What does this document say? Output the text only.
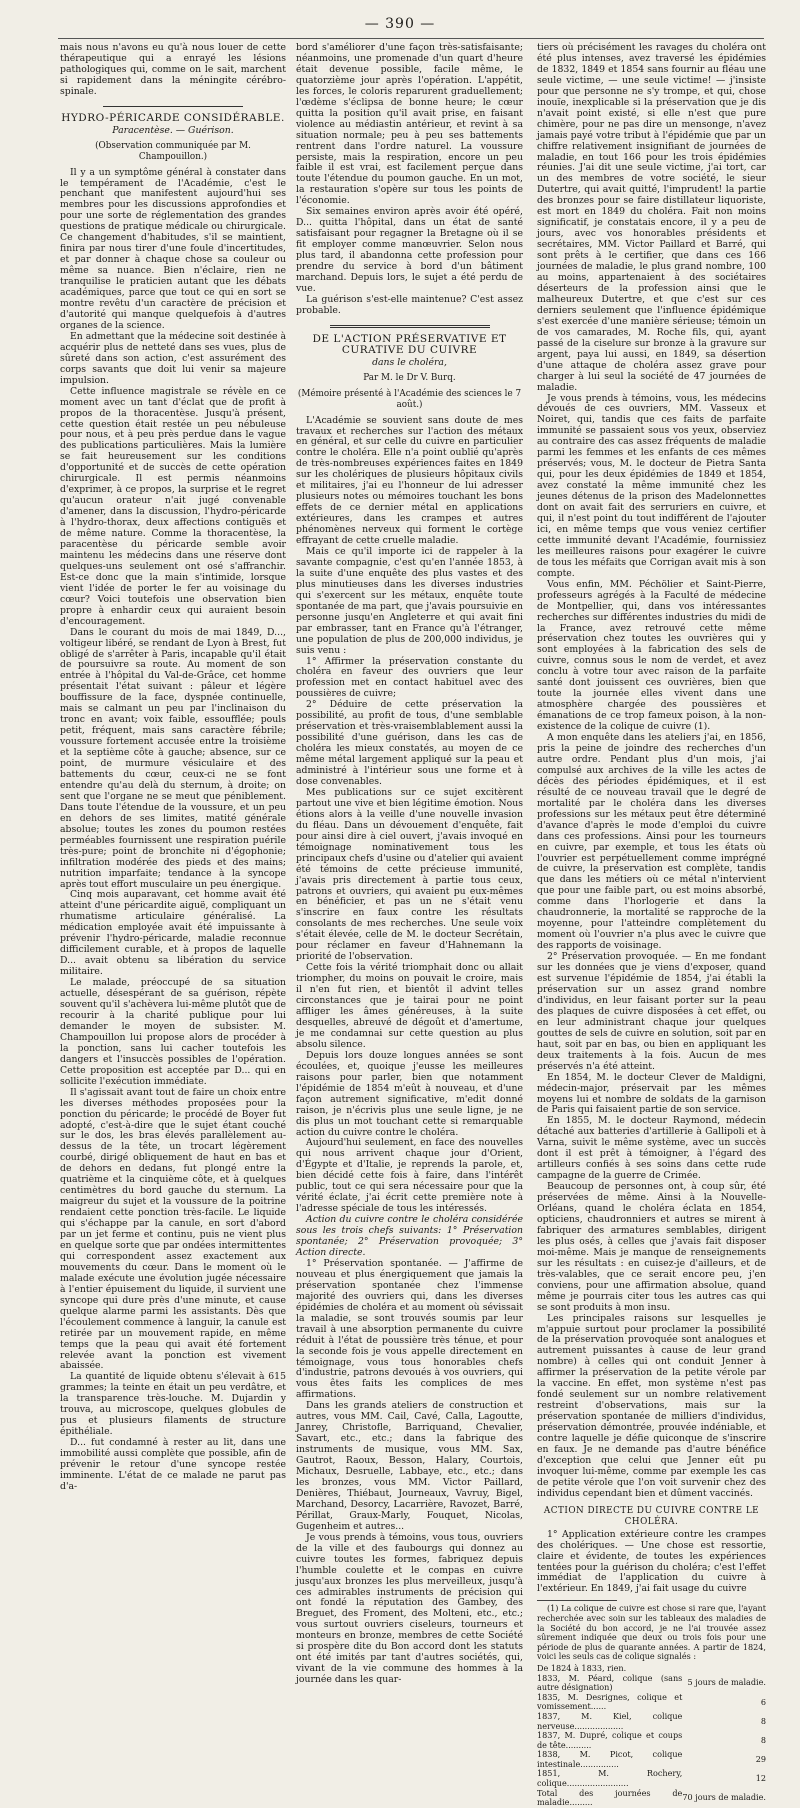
— 390 —

mais nous n'avons eu qu'à nous louer de cette thérapeutique qui a enrayé les lésions pathologiques qui, comme on le sait, marchent si rapidement dans la méningite cérébro-spinale.

HYDRO-PÉRICARDE CONSIDÉRABLE.
Paracentèse. — Guérison.
(Observation communiquée par M. Champouillon.)

Il y a un symptôme général à constater dans le tempérament de l'Académie, c'est le penchant que manifestent aujourd'hui ses membres pour les discussions approfondies et pour une sorte de réglementation des grandes questions de pratique médicale ou chirurgicale. Ce changement d'habitudes, s'il se maintient, finira par nous tirer d'une foule d'incertitudes, et par donner à chaque chose sa couleur ou même sa nuance. Bien n'éclaire, rien ne tranquilise le praticien autant que les débats académiques, parce que tout ce qui en sort se montre revêtu d'un caractère de précision et d'autorité qui manque quelquefois à d'autres organes de la science.

En admettant que la médecine soit destinée à acquérir plus de netteté dans ses vues, plus de sûreté dans son action, c'est assurément des corps savants que doit lui venir sa majeure impulsion.

Cette influence magistrale se révèle en ce moment avec un tant d'éclat que de profit à propos de la thoracentèse. Jusqu'à présent, cette question était restée un peu nébuleuse pour nous, et à peu près perdue dans le vague des publications particulières. Mais la lumière se fait heureusement sur les conditions d'opportunité et de succès de cette opération chirurgicale. Il est permis néanmoins d'exprimer, à ce propos, la surprise et le regret qu'aucun orateur n'ait jugé convenable d'amener, dans la discussion, l'hydro-péricarde à l'hydro-thorax, deux affections contiguës et de même nature. Comme la thoracentèse, la paracentèse du péricarde semble avoir maintenu les médecins dans une réserve dont quelques-uns seulement ont osé s'affranchir. Est-ce donc que la main s'intimide, lorsque vient l'idée de porter le fer au voisinage du cœur? Voici toutefois une observation bien propre à enhardir ceux qui auraient besoin d'encouragement.

Dans le courant du mois de mai 1849, D..., voltigeur libéré, se rendant de Lyon à Brest, fut obligé de s'arrêter à Paris, incapable qu'il était de poursuivre sa route. Au moment de son entrée à l'hôpital du Val-de-Grâce, cet homme présentait l'état suivant : pâleur et légère bouffissure de la face, dyspnée continuelle, mais se calmant un peu par l'inclinaison du tronc en avant; voix faible, essoufflée; pouls petit, fréquent, mais sans caractère fébrile; voussure fortement accusée entre la troisième et la septième côte à gauche; absence, sur ce point, de murmure vésiculaire et des battements du cœur, ceux-ci ne se font entendre qu'au delà du sternum, à droite; on sent que l'organe ne se meut que péniblement. Dans toute l'étendue de la voussure, et un peu en dehors de ses limites, matité générale absolue; toutes les zones du poumon restées perméables fournissent une respiration puérile très-pure; point de bronchite ni d'égophonie; infiltration modérée des pieds et des mains; nutrition imparfaite; tendance à la syncope après tout effort musculaire un peu énergique.

Cinq mois auparavant, cet homme avait été atteint d'une péricardite aiguë, compliquant un rhumatisme articulaire généralisé. La médication employée avait été impuissante à prévenir l'hydro-péricarde, maladie reconnue difficilement curable, et à propos de laquelle D... avait obtenu sa libération du service militaire.

Le malade, préoccupé de sa situation actuelle, désespérant de sa guérison, répète souvent qu'il s'achèvera lui-même plutôt que de recourir à la charité publique pour lui demander le moyen de subsister. M. Champouillon lui propose alors de procéder à la ponction, sans lui cacher toutefois les dangers et l'insuccès possibles de l'opération. Cette proposition est acceptée par D... qui en sollicite l'exécution immédiate.

Il s'agissait avant tout de faire un choix entre les diverses méthodes proposées pour la ponction du péricarde; le procédé de Boyer fut adopté, c'est-à-dire que le sujet étant couché sur le dos, les bras élevés parallèlement au-dessus de la tête, un trocart légèrement courbé, dirigé obliquement de haut en bas et de dehors en dedans, fut plongé entre la quatrième et la cinquième côte, et à quelques centimètres du bord gauche du sternum. La maigreur du sujet et la voussure de la poitrine rendaient cette ponction très-facile. Le liquide qui s'échappe par la canule, en sort d'abord par un jet ferme et continu, puis ne vient plus en quelque sorte que par ondées intermittentes qui correspondent assez exactement aux mouvements du cœur. Dans le moment où le malade exécute une évolution jugée nécessaire à l'entier épuisement du liquide, il survient une syncope qui dure près d'une minute, et cause quelque alarme parmi les assistants. Dès que l'écoulement commence à languir, la canule est retirée par un mouvement rapide, en même temps que la peau qui avait été fortement relevée avant la ponction est vivement abaissée.

La quantité de liquide obtenu s'élevait à 615 grammes; la teinte en était un peu verdâtre, et la transparence très-louche. M. Dujardin y trouva, au microscope, quelques globules de pus et plusieurs filaments de structure épithéliale.

D... fut condamné à rester au lit, dans une immobilité aussi complète que possible, afin de prévenir le retour d'une syncope restée imminente. L'état de ce malade ne parut pas d'a-

bord s'améliorer d'une façon très-satisfaisante; néanmoins, une promenade d'un quart d'heure était devenue possible, facile même, le quatorzième jour après l'opération. L'appétit, les forces, le coloris reparurent graduellement; l'œdème s'éclipsa de bonne heure; le cœur quitta la position qu'il avait prise, en faisant violence au médiastin antérieur, et revint à sa situation normale; peu à peu ses battements rentrent dans l'ordre naturel. La voussure persiste, mais la respiration, encore un peu faible il est vrai, est facilement perçue dans toute l'étendue du poumon gauche. En un mot, la restauration s'opère sur tous les points de l'économie.

Six semaines environ après avoir été opéré, D... quitta l'hôpital, dans un état de santé satisfaisant pour regagner la Bretagne où il se fit employer comme manœuvrier. Selon nous plus tard, il abandonna cette profession pour prendre du service à bord d'un bâtiment marchand. Depuis lors, le sujet a été perdu de vue.

La guérison s'est-elle maintenue? C'est assez probable.

DE L'ACTION PRÉSERVATIVE ET CURATIVE DU CUIVRE
dans le choléra,
Par M. le Dr V. Burq.
(Mémoire présenté à l'Académie des sciences le 7 août.)

L'Académie se souvient sans doute de mes travaux et recherches sur l'action des métaux en général, et sur celle du cuivre en particulier contre le choléra. Elle n'a point oublié qu'après de très-nombreuses expériences faites en 1849 sur les cholériques de plusieurs hôpitaux civils et militaires, j'ai eu l'honneur de lui adresser plusieurs notes ou mémoires touchant les bons effets de ce dernier métal en applications extérieures, dans les crampes et autres phénomènes nerveux qui forment le cortège effrayant de cette cruelle maladie.

Mais ce qu'il importe ici de rappeler à la savante compagnie, c'est qu'en l'année 1853, à la suite d'une enquête des plus vastes et des plus minutieuses dans les diverses industries qui s'exercent sur les métaux, enquête toute spontanée de ma part, que j'avais poursuivie en personne jusqu'en Angleterre et qui avait fini par embrasser, tant en France qu'à l'étranger, une population de plus de 200,000 individus, je suis venu :

1° Affirmer la préservation constante du choléra en faveur des ouvriers que leur profession met en contact habituel avec des poussières de cuivre;

2° Déduire de cette préservation la possibilité, au profit de tous, d'une semblable préservation et très-vraisemblablement aussi la possibilité d'une guérison, dans les cas de choléra les mieux constatés, au moyen de ce même métal largement appliqué sur la peau et administré à l'intérieur sous une forme et à dose convenables.

Mes publications sur ce sujet excitèrent partout une vive et bien légitime émotion. Nous étions alors à la veille d'une nouvelle invasion du fléau. Dans un dévouement d'enquête, fait pour ainsi dire à ciel ouvert, j'avais invoqué en témoignage nominativement tous les principaux chefs d'usine ou d'atelier qui avaient été témoins de cette précieuse immunité, j'avais pris directement à partie tous ceux, patrons et ouvriers, qui avaient pu eux-mêmes en bénéficier, et pas un ne s'était venu s'inscrire en faux contre les résultats consolants de mes recherches. Une seule voix s'était élevée, celle de M. le docteur Secrétain, pour réclamer en faveur d'Hahnemann la priorité de l'observation.

Cette fois la vérité triomphait donc ou allait triompher, du moins on pouvait le croire, mais il n'en fut rien, et bientôt il advint telles circonstances que je tairai pour ne point affliger les âmes généreuses, à la suite desquelles, abreuvé de dégoût et d'amertume, je me condamnai sur cette question au plus absolu silence.

Depuis lors douze longues années se sont écoulées, et, quoique j'eusse les meilleures raisons pour parler, bien que notamment l'épidémie de 1854 m'eût à nouveau, et d'une façon autrement significative, m'edit donné raison, je n'écrivis plus une seule ligne, je ne dis plus un mot touchant cette si remarquable action du cuivre contre le choléra.

Aujourd'hui seulement, en face des nouvelles qui nous arrivent chaque jour d'Orient, d'Égypte et d'Italie, je reprends la parole, et, bien décidé cette fois à faire, dans l'intérêt public, tout ce qui sera nécessaire pour que la vérité éclate, j'ai écrit cette première note à l'adresse spéciale de tous les intéressés.

Action du cuivre contre le choléra considérée sous les trois chefs suivants: 1° Préservation spontanée; 2° Préservation provoquée; 3° Action directe.

1° Préservation spontanée. — J'affirme de nouveau et plus énergiquement que jamais la préservation spontanée chez l'immense majorité des ouvriers qui, dans les diverses épidémies de choléra et au moment où sévissait la maladie, se sont trouvés soumis par leur travail à une absorption permanente du cuivre réduit à l'état de poussière très ténue, et pour la seconde fois je vous appelle directement en témoignage, vous tous honorables chefs d'industrie, patrons devoués à vos ouvriers, qui vous êtes faits les complices de mes affirmations.

Dans les grands ateliers de construction et autres, vous MM. Cail, Cavé, Calla, Lagoutte, Janrey, Christofle, Barriquand, Chevalier, Savart, etc., etc.; dans la fabrique des instruments de musique, vous MM. Sax, Gautrot, Raoux, Besson, Halary, Courtois, Michaux, Desruelle, Labbaye, etc., etc.; dans les bronzes, vous MM. Victor Paillard, Denières, Thiébaut, Journeaux, Vavruy, Bigel, Marchand, Desorcy, Lacarrière, Ravozet, Barré, Périllat, Graux-Marly, Fouquet, Nicolas, Gugenheim et autres...

Je vous prends à témoins, vous tous, ouvriers de la ville et des faubourgs qui donnez au cuivre toutes les formes, fabriquez depuis l'humble coulette et le compas en cuivre jusqu'aux bronzes les plus merveilleux, jusqu'à ces admirables instruments de précision qui ont fondé la réputation des Gambey, des Breguet, des Froment, des Molteni, etc., etc.; vous surtout ouvriers ciseleurs, tourneurs et monteurs en bronze, membres de cette Société si prospère dite du Bon accord dont les statuts ont été imités par tant d'autres sociétés, qui, vivant de la vie commune des hommes à la journée dans les quar-

tiers où précisément les ravages du choléra ont été plus intenses, avez traversé les épidémies de 1832, 1849 et 1854 sans fournir au fléau une seule victime, — une seule victime! — j'insiste pour que personne ne s'y trompe, et qui, chose inouïe, inexplicable si la préservation que je dis n'avait point existé, si elle n'est que pure chimère, pour ne pas dire un mensonge, n'avez jamais payé votre tribut à l'épidémie que par un chiffre relativement insignifiant de journées de maladie, en tout 166 pour les trois épidémies réunies. J'ai dit une seule victime, j'ai tort, car un des membres de votre société, le sieur Dutertre, qui avait quitté, l'imprudent! la partie des bronzes pour se faire distillateur liquoriste, est mort en 1849 du choléra. Fait non moins significatif, je constatais encore, il y a peu de jours, avec vos honorables présidents et secrétaires, MM. Victor Paillard et Barré, qui sont prêts à le certifier, que dans ces 166 journées de maladie, le plus grand nombre, 100 au moins, appartenaient à des sociétaires déserteurs de la profession ainsi que le malheureux Dutertre, et que c'est sur ces derniers seulement que l'influence épidémique s'est exercée d'une manière sérieuse; témoin un de vos camarades, M. Roche fils, qui, ayant passé de la ciselure sur bronze à la gravure sur argent, paya lui aussi, en 1849, sa désertion d'une attaque de choléra assez grave pour charger à lui seul la société de 47 journées de maladie.

Je vous prends à témoins, vous, les médecins dévoués de ces ouvriers, MM. Vasseux et Noiret, qui, tandis que ces faits de parfaite immunité se passaient sous vos yeux, observiez au contraire des cas assez fréquents de maladie parmi les femmes et les enfants de ces mêmes préservés; vous, M. le docteur de Pietra Santa qui, pour les deux épidémies de 1849 et 1854, avez constaté la même immunité chez les jeunes détenus de la prison des Madelonnettes dont on avait fait des serruriers en cuivre, et qui, il n'est point du tout indifférent de l'ajouter ici, en même temps que vous veniez certifier cette immunité devant l'Académie, fournissiez les meilleures raisons pour exagérer le cuivre de tous les méfaits que Corrigan avait mis à son compte.

Vous enfin, MM. Péchölier et Saint-Pierre, professeurs agrégés à la Faculté de médecine de Montpellier, qui, dans vos intéressantes recherches sur différentes industries du midi de la France, avez retrouvé cette même préservation chez toutes les ouvrières qui y sont employées à la fabrication des sels de cuivre, connus sous le nom de verdet, et avez conclu à votre tour avec raison de la parfaite santé dont jouissent ces ouvrières, bien que toute la journée elles vivent dans une atmosphère chargée des poussières et émanations de ce trop fameux poison, à la non-existence de la colique de cuivre (1).

A mon enquête dans les ateliers j'ai, en 1856, pris la peine de joindre des recherches d'un autre ordre. Pendant plus d'un mois, j'ai compulsé aux archives de la ville les actes de décès des périodes épidémiques, et il est résulté de ce nouveau travail que le degré de mortalité par le choléra dans les diverses professions sur les métaux peut être déterminé d'avance d'après le mode d'emploi du cuivre dans ces professions. Ainsi pour les tourneurs en cuivre, par exemple, et tous les états où l'ouvrier est perpétuellement comme imprégné de cuivre, la préservation est complète, tandis que dans les métiers où ce métal n'intervient que pour une faible part, ou est moins absorbé, comme dans l'horlogerie et dans la chaudronnerie, la mortalité se rapproche de la moyenne, pour l'atteindre complètement du moment où l'ouvrier n'a plus avec le cuivre que des rapports de voisinage.

2° Préservation provoquée. — En me fondant sur les données que je viens d'exposer, quand est survenue l'épidémie de 1854, j'ai établi la préservation sur un assez grand nombre d'individus, en leur faisant porter sur la peau des plaques de cuivre disposées à cet effet, ou en leur administrant chaque jour quelques gouttes de sels de cuivre en solution, soit par en haut, soit par en bas, ou bien en appliquant les deux traitements à la fois. Aucun de mes préservés n'a été atteint.

En 1854, M. le docteur Clever de Maldigni, médecin-major, préservait par les mêmes moyens lui et nombre de soldats de la garnison de Paris qui faisaient partie de son service.

En 1855, M. le docteur Raymond, médecin détaché aux batteries d'artillerie à Gallipoli et à Varna, suivit le même système, avec un succès dont il est prêt à témoigner, à l'égard des artilleurs confiés à ses soins dans cette rude campagne de la guerre de Crimée.

Beaucoup de personnes ont, à coup sûr, été préservées de même. Ainsi à la Nouvelle-Orléans, quand le choléra éclata en 1854, opticiens, chaudronniers et autres se mirent à fabriquer des armatures semblables, dirigent les plus osés, à celles que j'avais fait disposer moi-même. Mais je manque de renseignements sur les résultats : en cuisez-je d'ailleurs, et de très-valables, que ce serait encore peu, j'en conviens, pour une affirmation absolue, quand même je pourrais citer tous les autres cas qui se sont produits à mon insu.

Les principales raisons sur lesquelles je m'appuie surtout pour proclamer la possibilité de la préservation provoquée sont analogues et autrement puissantes à cause de leur grand nombre) à celles qui ont conduit Jenner à affirmer la préservation de la petite vérole par la vaccine. En effet, mon système n'est pas fondé seulement sur un nombre relativement restreint d'observations, mais sur la préservation spontanée de milliers d'individus, préservation démontrée, prouvée indéniable, et contre laquelle je défie quiconque de s'inscrire en faux. Je ne demande pas d'autre bénéfice d'exception que celui que Jenner eût pu invoquer lui-même, comme par exemple les cas de petite vérole que l'on voit survenir chez des individus cependant bien et dûment vaccinés.

ACTION DIRECTE DU CUIVRE CONTRE LE CHOLÉRA.

1° Application extérieure contre les crampes des cholériques. — Une chose est ressortie, claire et évidente, de toutes les expériences tentées pour la guérison du choléra; c'est l'effet immédiat de l'application du cuivre à l'extérieur. En 1849, j'ai fait usage du cuivre

(1) La colique de cuivre est chose si rare que, l'ayant recherchée avec soin sur les tableaux des maladies de la Société du bon accord, je ne l'ai trouvée assez sûrement indiquée que deux ou trois fois pour une période de plus de quarante années. A partir de 1824, voici les seuls cas de colique signalés :

De 1824 à 1833, rien.	
1833, M. Péard, colique (sans autre désignation)	5 jours de maladie.
1835, M. Desrignes, colique et vomissement......	6
1837, M. Kiel, colique nerveuse...................	8
1837, M. Dupré, colique et coups de tête..........	8
1838, M. Picot, colique intestinale...............	29
1851, M. Rochery, colique........................	12
Total des journées de maladie.........	70 jours de maladie.
